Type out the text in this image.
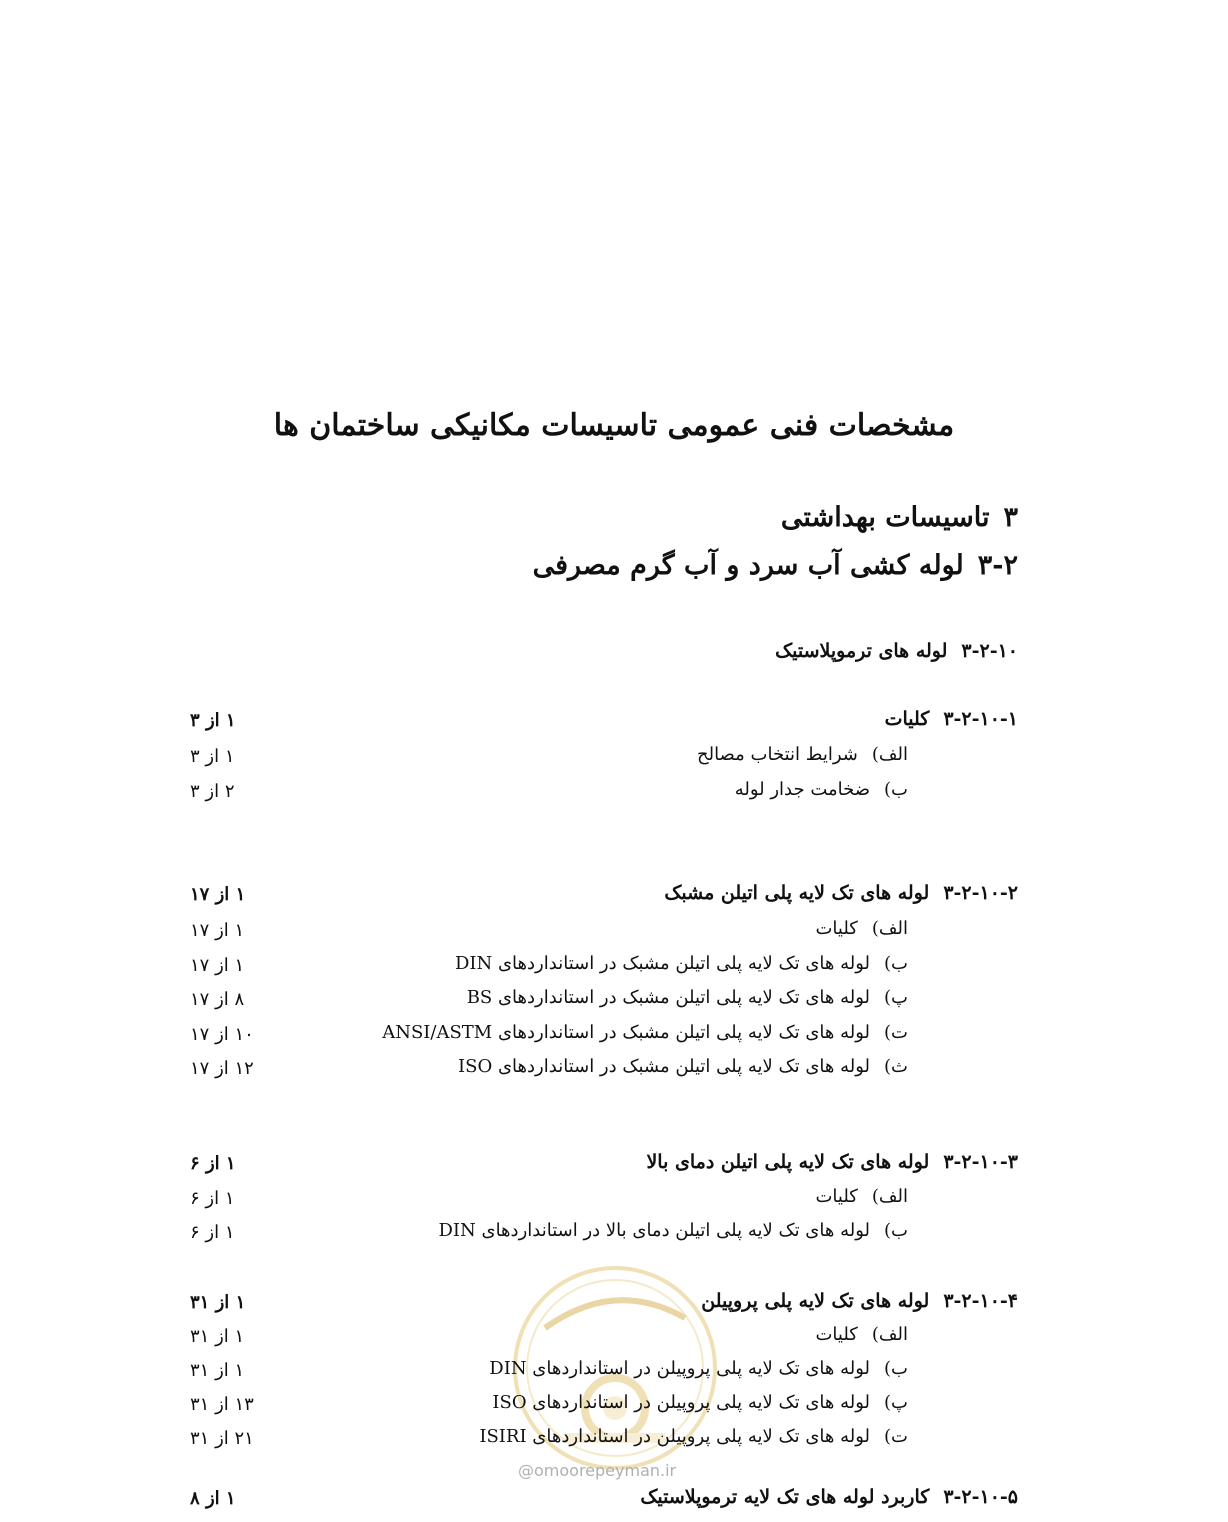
مشخصات فنی عمومی تاسیسات مکانیکی ساختمان ها
۳تاسیسات بهداشتی
۳-۲لوله کشی آب سرد و آب گرم مصرفی
۳-۲-۱۰لوله های ترموپلاستیک
۳-۲-۱۰-۱کلیات
۱ از ۳
الف)شرایط انتخاب مصالح
۱ از ۳
ب)ضخامت جدار لوله
۲ از ۳
۳-۲-۱۰-۲لوله های تک لایه پلی اتیلن مشبک
۱ از ۱۷
الف)کلیات
۱ از ۱۷
ب)لوله های تک لایه پلی اتیلن مشبک در استانداردهای DIN
۱ از ۱۷
پ)لوله های تک لایه پلی اتیلن مشبک در استانداردهای BS
۸ از ۱۷
ت)لوله های تک لایه پلی اتیلن مشبک در استانداردهای ANSI/ASTM
۱۰ از ۱۷
ث)لوله های تک لایه پلی اتیلن مشبک در استانداردهای ISO
۱۲ از ۱۷
۳-۲-۱۰-۳لوله های تک لایه پلی اتیلن دمای بالا
۱ از ۶
الف)کلیات
۱ از ۶
ب)لوله های تک لایه پلی اتیلن دمای بالا در استانداردهای DIN
۱ از ۶
@omoorepeyman.ir
۳-۲-۱۰-۴لوله های تک لایه پلی پروپیلن
۱ از ۳۱
الف)کلیات
۱ از ۳۱
ب)لوله های تک لایه پلی پروپیلن در استانداردهای DIN
۱ از ۳۱
پ)لوله های تک لایه پلی پروپیلن در استانداردهای ISO
۱۳ از ۳۱
ت)لوله های تک لایه پلی پروپیلن در استانداردهای ISIRI
۲۱ از ۳۱
۳-۲-۱۰-۵کاربرد لوله های تک لایه ترموپلاستیک
۱ از ۸
